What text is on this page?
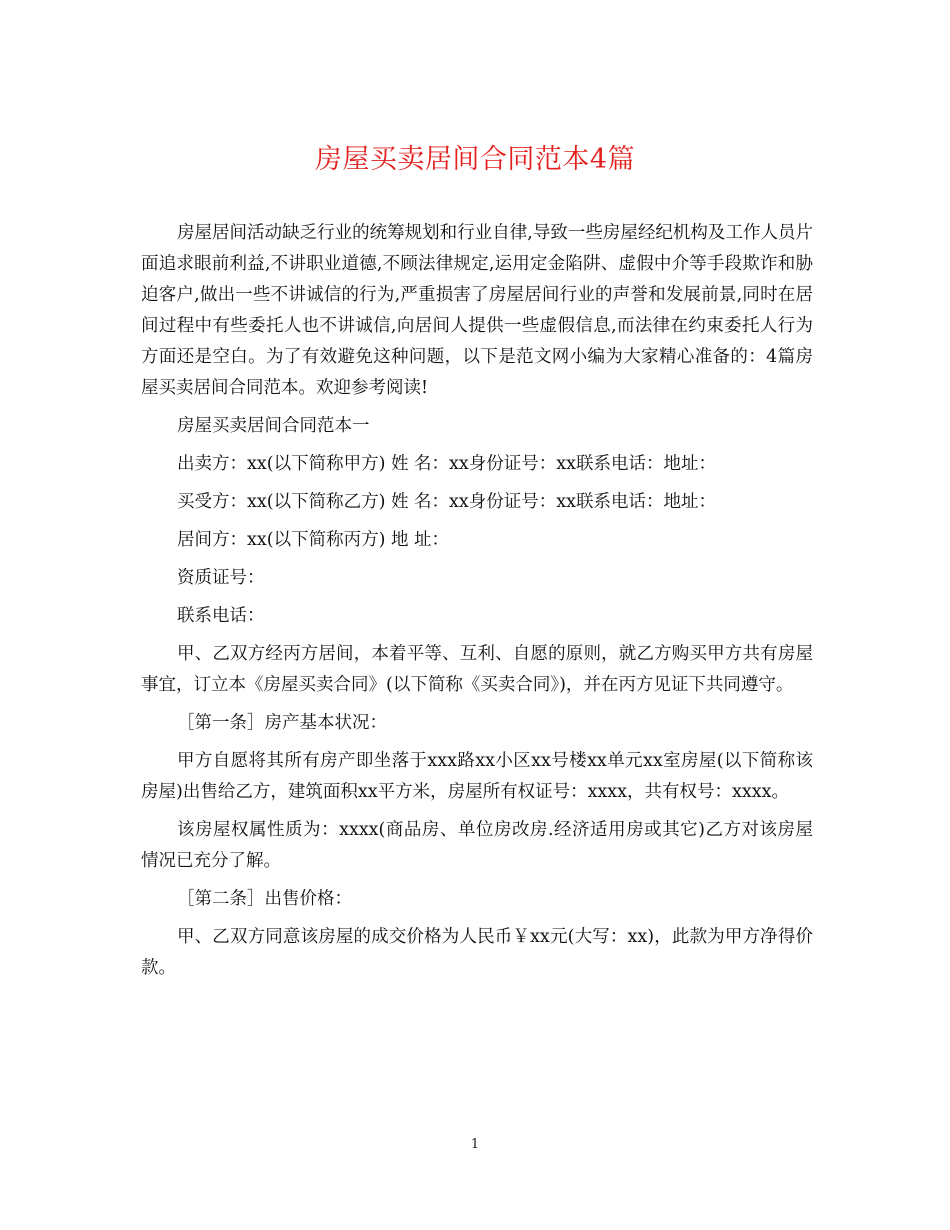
房屋买卖居间合同范本4篇

房屋居间活动缺乏行业的统筹规划和行业自律,导致一些房屋经纪机构及工作人员片面追求眼前利益,不讲职业道德,不顾法律规定,运用定金陷阱、虚假中介等手段欺诈和胁迫客户,做出一些不讲诚信的行为,严重损害了房屋居间行业的声誉和发展前景,同时在居间过程中有些委托人也不讲诚信,向居间人提供一些虚假信息,而法律在约束委托人行为方面还是空白。为了有效避免这种问题，以下是范文网小编为大家精心准备的：4篇房屋买卖居间合同范本。欢迎参考阅读!

房屋买卖居间合同范本一

出卖方：xx(以下简称甲方) 姓 名：xx身份证号：xx联系电话：地址：

买受方：xx(以下简称乙方) 姓 名：xx身份证号：xx联系电话：地址：

居间方：xx(以下简称丙方) 地 址：

资质证号：

联系电话：

甲、乙双方经丙方居间，本着平等、互利、自愿的原则，就乙方购买甲方共有房屋事宜，订立本《房屋买卖合同》(以下简称《买卖合同》)，并在丙方见证下共同遵守。

［第一条］房产基本状况：

甲方自愿将其所有房产即坐落于xxx路xx小区xx号楼xx单元xx室房屋(以下简称该房屋)出售给乙方，建筑面积xx平方米，房屋所有权证号：xxxx，共有权号：xxxx。

该房屋权属性质为：xxxx(商品房、单位房改房.经济适用房或其它)乙方对该房屋情况已充分了解。

［第二条］出售价格：

甲、乙双方同意该房屋的成交价格为人民币￥xx元(大写：xx)，此款为甲方净得价款。

1
